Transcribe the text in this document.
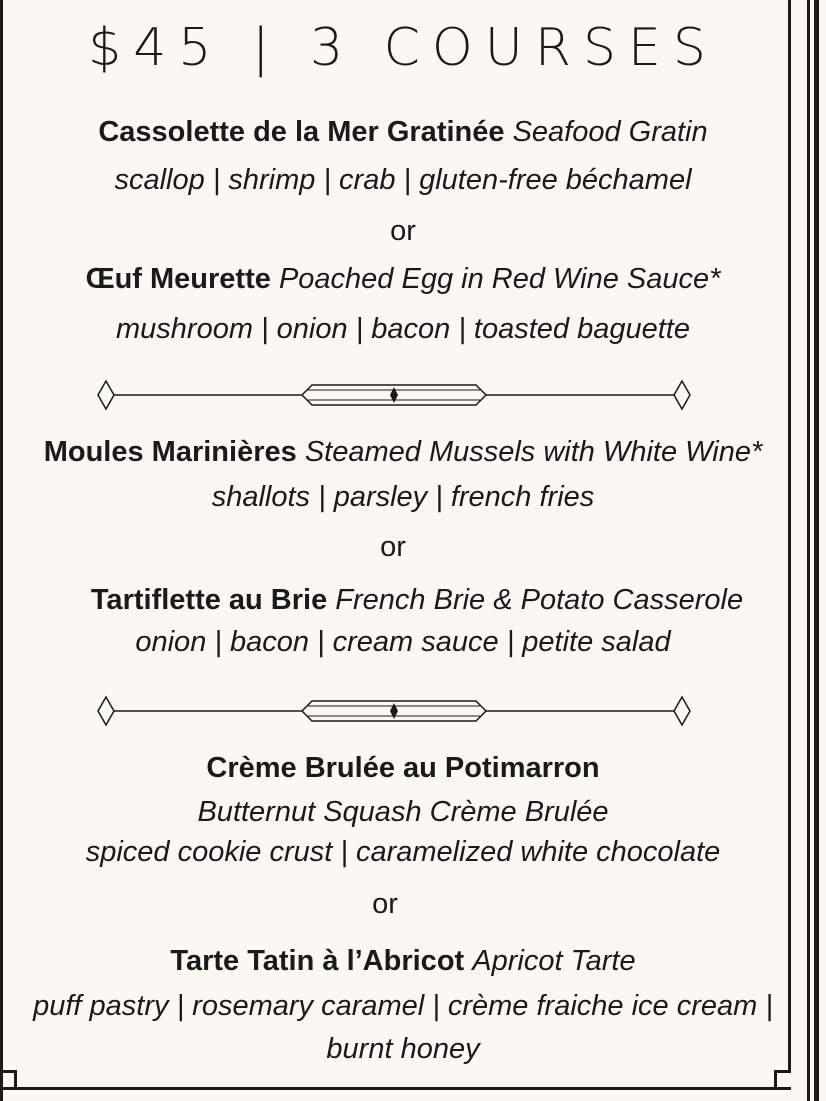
$45 | 3 COURSES
Cassolette de la Mer Gratinée Seafood Gratin
scallop | shrimp | crab | gluten-free béchamel
or
Œuf Meurette Poached Egg in Red Wine Sauce*
mushroom | onion | bacon | toasted baguette
Moules Marinières Steamed Mussels with White Wine*
shallots | parsley | french fries
or
Tartiflette au Brie French Brie & Potato Casserole
onion | bacon | cream sauce | petite salad
Crème Brulée au Potimarron
Butternut Squash Crème Brulée
spiced cookie crust | caramelized white chocolate
or
Tarte Tatin à l’Abricot Apricot Tarte
puff pastry | rosemary caramel | crème fraiche ice cream |
burnt honey
